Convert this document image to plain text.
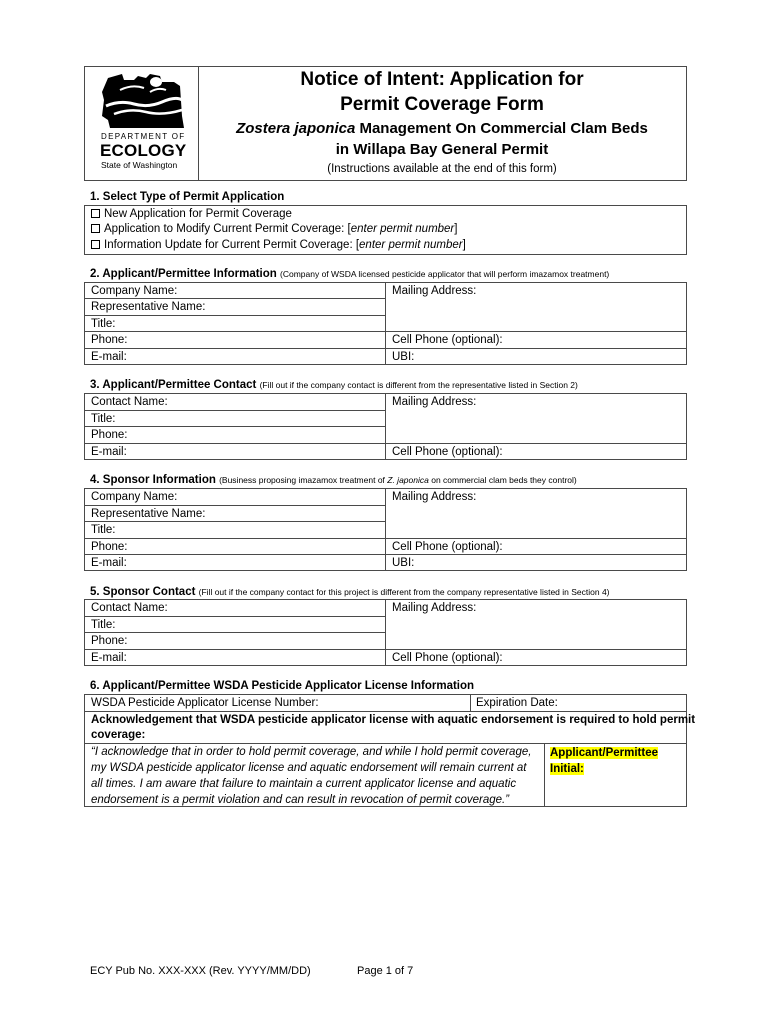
DEPARTMENT OF
ECOLOGY
State of Washington
Notice of Intent: Application for
Permit Coverage Form
Zostera japonica Management On Commercial Clam Beds
in Willapa Bay General Permit
(Instructions available at the end of this form)
1. Select Type of Permit Application
New Application for Permit Coverage
Application to Modify Current Permit Coverage: [enter permit number]
Information Update for Current Permit Coverage: [enter permit number]
2. Applicant/Permittee Information (Company of WSDA licensed pesticide applicator that will perform imazamox treatment)
Company Name:
Representative Name:
Title:
Phone:
E-mail:
Mailing Address:
Cell Phone (optional):
UBI:
3. Applicant/Permittee Contact (Fill out if the company contact is different from the representative listed in Section 2)
Contact Name:
Title:
Phone:
E-mail:
Mailing Address:
Cell Phone (optional):
4. Sponsor Information (Business proposing imazamox treatment of Z. japonica on commercial clam beds they control)
Company Name:
Representative Name:
Title:
Phone:
E-mail:
Mailing Address:
Cell Phone (optional):
UBI:
5. Sponsor Contact (Fill out if the company contact for this project is different from the company representative listed in Section 4)
Contact Name:
Title:
Phone:
E-mail:
Mailing Address:
Cell Phone (optional):
6. Applicant/Permittee WSDA Pesticide Applicator License Information
WSDA Pesticide Applicator License Number:	Expiration Date:
Acknowledgement that WSDA pesticide applicator license with aquatic endorsement is required to hold permit
coverage:
“I acknowledge that in order to hold permit coverage, and while I hold permit coverage,
my WSDA pesticide applicator license and aquatic endorsement will remain current at
all times. I am aware that failure to maintain a current applicator license and aquatic
endorsement is a permit violation and can result in revocation of permit coverage.”
Applicant/Permittee
Initial:
ECY Pub No. XXX-XXX (Rev. YYYY/MM/DD)	Page 1 of 7
